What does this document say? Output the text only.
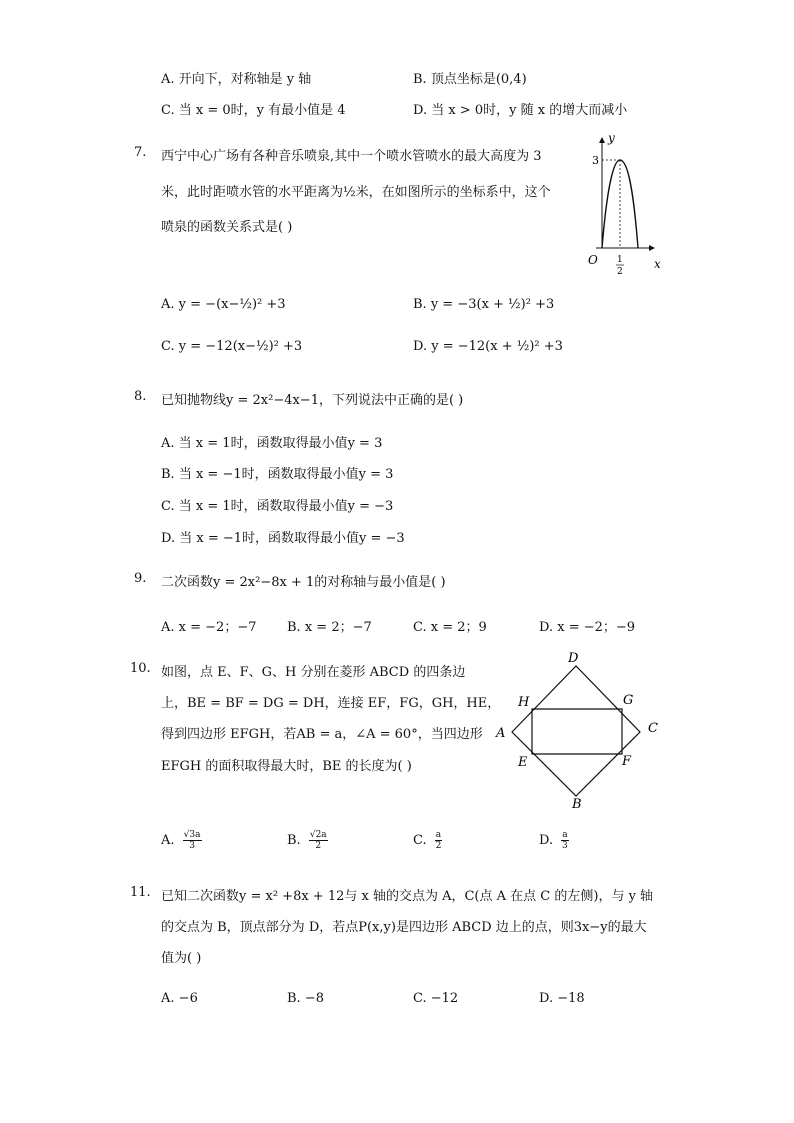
A. 开向下，对称轴是 y 轴	B. 顶点坐标是(0,4)
C. 当 x = 0时，y 有最小值是 4	D. 当 x > 0时，y 随 x 的增大而减小
7. 西宁中心广场有各种音乐喷泉,其中一个喷水管喷水的最大高度为 3
米，此时距喷水管的水平距离为½米，在如图所示的坐标系中，这个
喷泉的函数关系式是( )
y
x
O
3
1
2
A. y = −(x−½)² +3	B. y = −3(x + ½)² +3
C. y = −12(x−½)² +3	D. y = −12(x + ½)² +3
8. 已知抛物线y = 2x²−4x−1，下列说法中正确的是( )
A. 当 x = 1时，函数取得最小值y = 3
B. 当 x = −1时，函数取得最小值y = 3
C. 当 x = 1时，函数取得最小值y = −3
D. 当 x = −1时，函数取得最小值y = −3
9. 二次函数y = 2x²−8x + 1的对称轴与最小值是( )
A. x = −2；−7 B. x = 2；−7	C. x = 2；9	D. x = −2；−9
10. 如图，点 E、F、G、H 分别在菱形 ABCD 的四条边
上，BE = BF = DG = DH，连接 EF，FG，GH，HE，
得到四边形 EFGH，若AB = a，∠A = 60°，当四边形
EFGH 的面积取得最大时，BE 的长度为( )
D
A	C
B
H	G
E	F
A. $\frac{√3a}{3}$	B. $\frac{√2a}{2}$	C. $\frac{a}{2}$	D. $\frac{a}{3}$
11. 已知二次函数y = x² +8x + 12与 x 轴的交点为 A，C(点 A 在点 C 的左侧)，与 y 轴
的交点为 B，顶点部分为 D，若点P(x,y)是四边形 ABCD 边上的点，则3x−y的最大
值为( )
A. −6	B. −8	C. −12	D. −18
